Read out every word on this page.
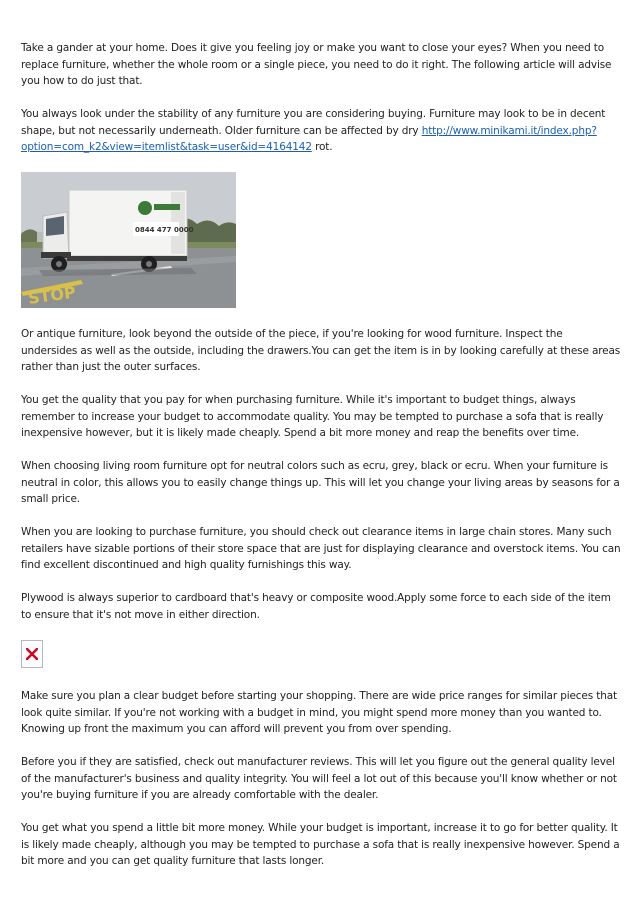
Take a gander at your home. Does it give you feeling joy or make you want to close your eyes? When you need to replace furniture, whether the whole room or a single piece, you need to do it right. The following article will advise you how to do just that.

You always look under the stability of any furniture you are considering buying. Furniture may look to be in decent shape, but not necessarily underneath. Older furniture can be affected by dry http://www.minikami.it/index.php?option=com_k2&view=itemlist&task=user&id=4164142 rot.

STOP
0844 477 0000

Or antique furniture, look beyond the outside of the piece, if you're looking for wood furniture. Inspect the undersides as well as the outside, including the drawers.You can get the item is in by looking carefully at these areas rather than just the outer surfaces.

You get the quality that you pay for when purchasing furniture. While it's important to budget things, always remember to increase your budget to accommodate quality. You may be tempted to purchase a sofa that is really inexpensive however, but it is likely made cheaply. Spend a bit more money and reap the benefits over time.

When choosing living room furniture opt for neutral colors such as ecru, grey, black or ecru. When your furniture is neutral in color, this allows you to easily change things up. This will let you change your living areas by seasons for a small price.

When you are looking to purchase furniture, you should check out clearance items in large chain stores. Many such retailers have sizable portions of their store space that are just for displaying clearance and overstock items. You can find excellent discontinued and high quality furnishings this way.

Plywood is always superior to cardboard that's heavy or composite wood.Apply some force to each side of the item to ensure that it's not move in either direction.

Make sure you plan a clear budget before starting your shopping. There are wide price ranges for similar pieces that look quite similar. If you're not working with a budget in mind, you might spend more money than you wanted to. Knowing up front the maximum you can afford will prevent you from over spending.

Before you if they are satisfied, check out manufacturer reviews. This will let you figure out the general quality level of the manufacturer's business and quality integrity. You will feel a lot out of this because you'll know whether or not you're buying furniture if you are already comfortable with the dealer.

You get what you spend a little bit more money. While your budget is important, increase it to go for better quality. It is likely made cheaply, although you may be tempted to purchase a sofa that is really inexpensive however. Spend a bit more and you can get quality furniture that lasts longer.
